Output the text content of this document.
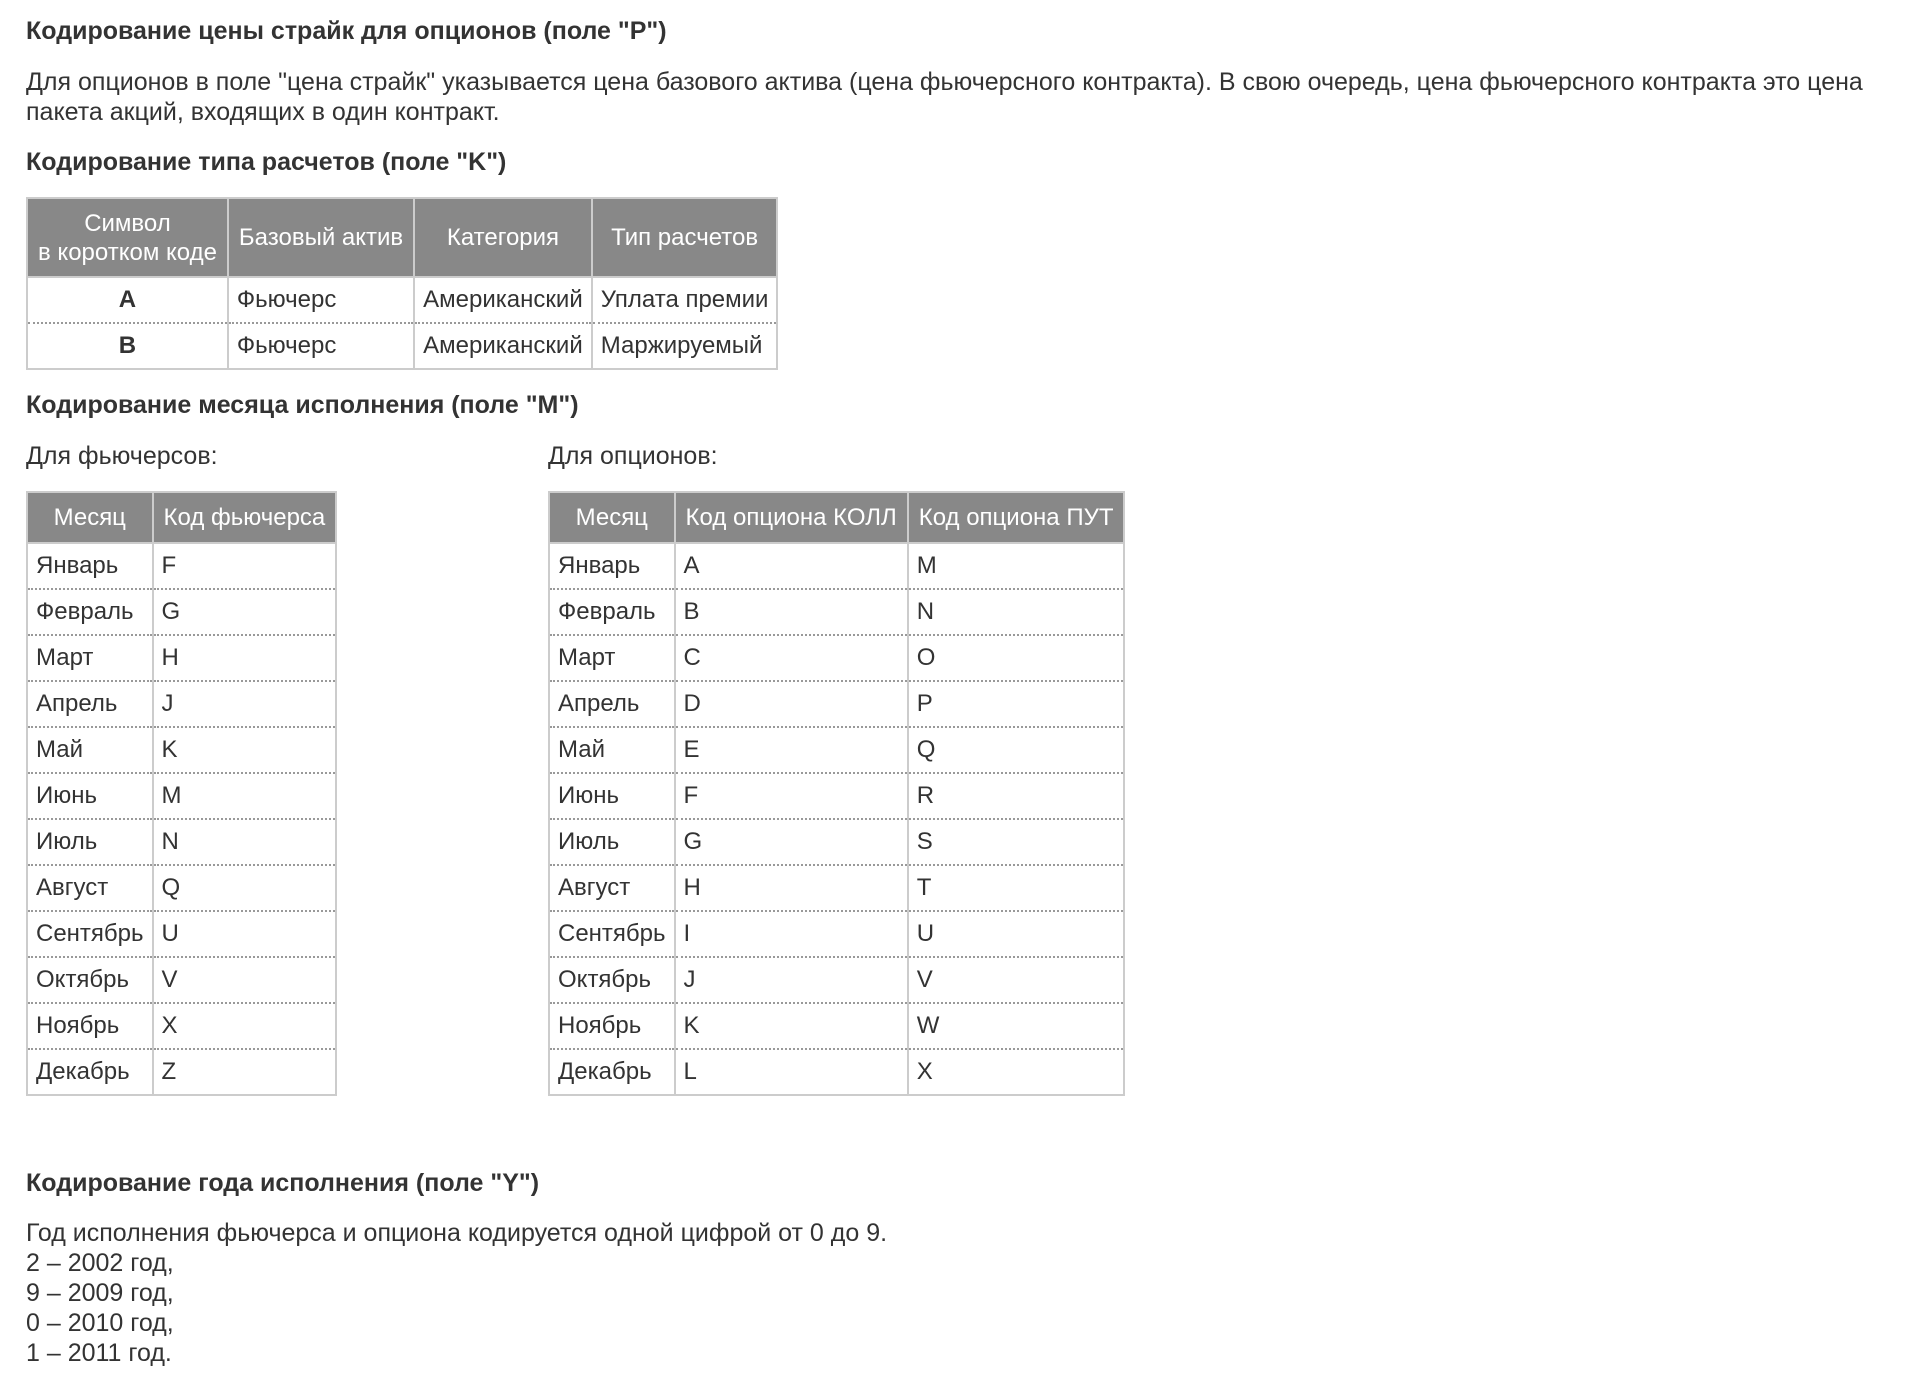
Кодирование цены страйк для опционов (поле "P")

Для опционов в поле "цена страйк" указывается цена базового актива (цена фьючерсного контракта). В свою очередь, цена фьючерсного контракта это цена пакета акций, входящих в один контракт.

Кодирование типа расчетов (поле "K")
Символ
в коротком коде	Базовый актив	Категория	Тип расчетов
A	Фьючерс	Американский	Уплата премии
B	Фьючерс	Американский	Маржируемый
Кодирование месяца исполнения (поле "M")

Для фьючерсов:	Для опционов:

Месяц	Код фьючерса
Январь	F
Февраль	G
Март	H
Апрель	J
Май	K
Июнь	M
Июль	N
Август	Q
Сентябрь	U
Октябрь	V
Ноябрь	X
Декабрь	Z
Месяц	Код опциона КОЛЛ	Код опциона ПУТ
Январь	A	M
Февраль	B	N
Март	C	O
Апрель	D	P
Май	E	Q
Июнь	F	R
Июль	G	S
Август	H	T
Сентябрь	I	U
Октябрь	J	V
Ноябрь	K	W
Декабрь	L	X
Кодирование года исполнения (поле "Y")
Год исполнения фьючерса и опциона кодируется одной цифрой от 0 до 9.
2 – 2002 год,
9 – 2009 год,
0 – 2010 год,
1 – 2011 год.
